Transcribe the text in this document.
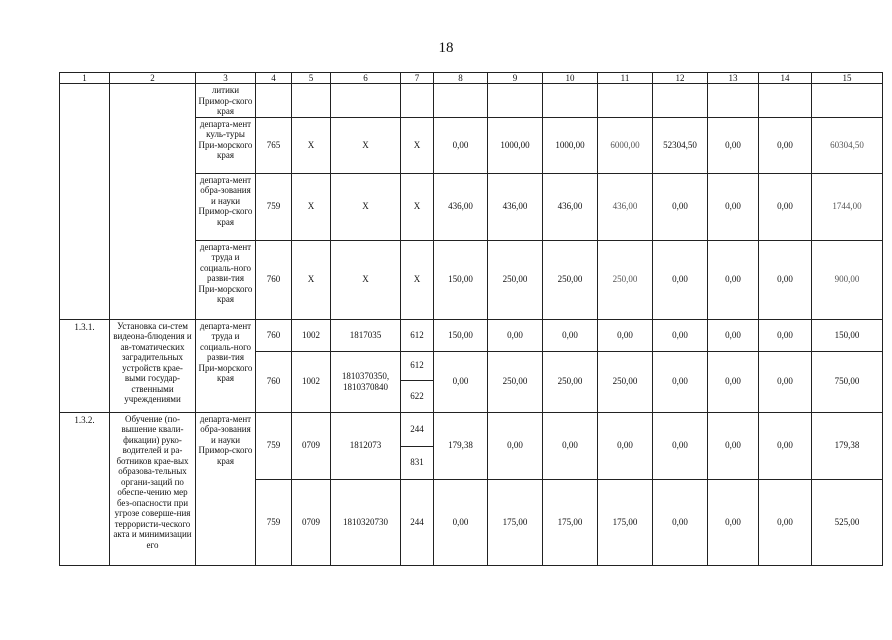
18
1	2	3	4	5	6	7	8	9	10	11	12	13	14	15
		литики Примор-ского края												
		департа-мент куль-туры При-морского края	765	X	X	X	0,00	1000,00	1000,00	6000,00	52304,50	0,00	0,00	60304,50
		департа-мент обра-зования и науки Примор-ского края	759	X	X	X	436,00	436,00	436,00	436,00	0,00	0,00	0,00	1744,00
		департа-мент труда и социаль-ного разви-тия При-морского края	760	X	X	X	150,00	250,00	250,00	250,00	0,00	0,00	0,00	900,00
1.3.1.	Установка си-стем видеона-блюдения и ав-томатических заградительных устройств крае-выми государ-ственными учреждениями	департа-мент труда и социаль-ного разви-тия При-морского края	760	1002	1817035	612	150,00	0,00	0,00	0,00	0,00	0,00	0,00	150,00
			760	1002	1810370350, 1810370840	612	0,00	250,00	250,00	250,00	0,00	0,00	0,00	750,00
						622								
1.3.2.	Обучение (по-вышение квали-фикации) руко-водителей и ра-ботников крае-вых образова-тельных органи-заций по обеспе-чению мер без-опасности при угрозе соверше-ния террористи-ческого акта и минимизации его	департа-мент обра-зования и науки Примор-ского края	759	0709	1812073	244	179,38	0,00	0,00	0,00	0,00	0,00	0,00	179,38
						831								
			759	0709	1810320730	244	0,00	175,00	175,00	175,00	0,00	0,00	0,00	525,00
